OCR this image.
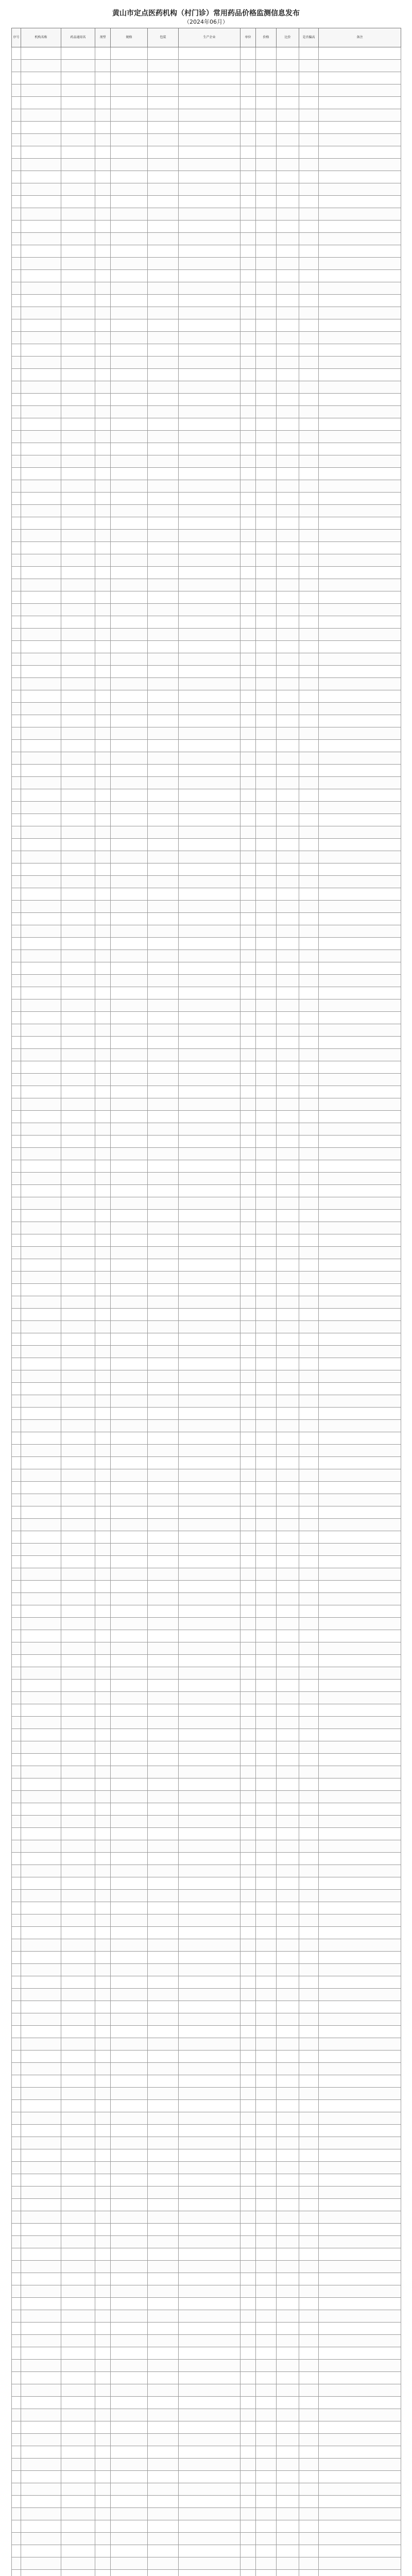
黄山市定点医药机构（村门诊）常用药品价格监测信息发布

（2024年06月）

序号	机构名称	药品通用名	剂型	规格	包装	生产企业	单位	价格	比价	是否偏高	备注
